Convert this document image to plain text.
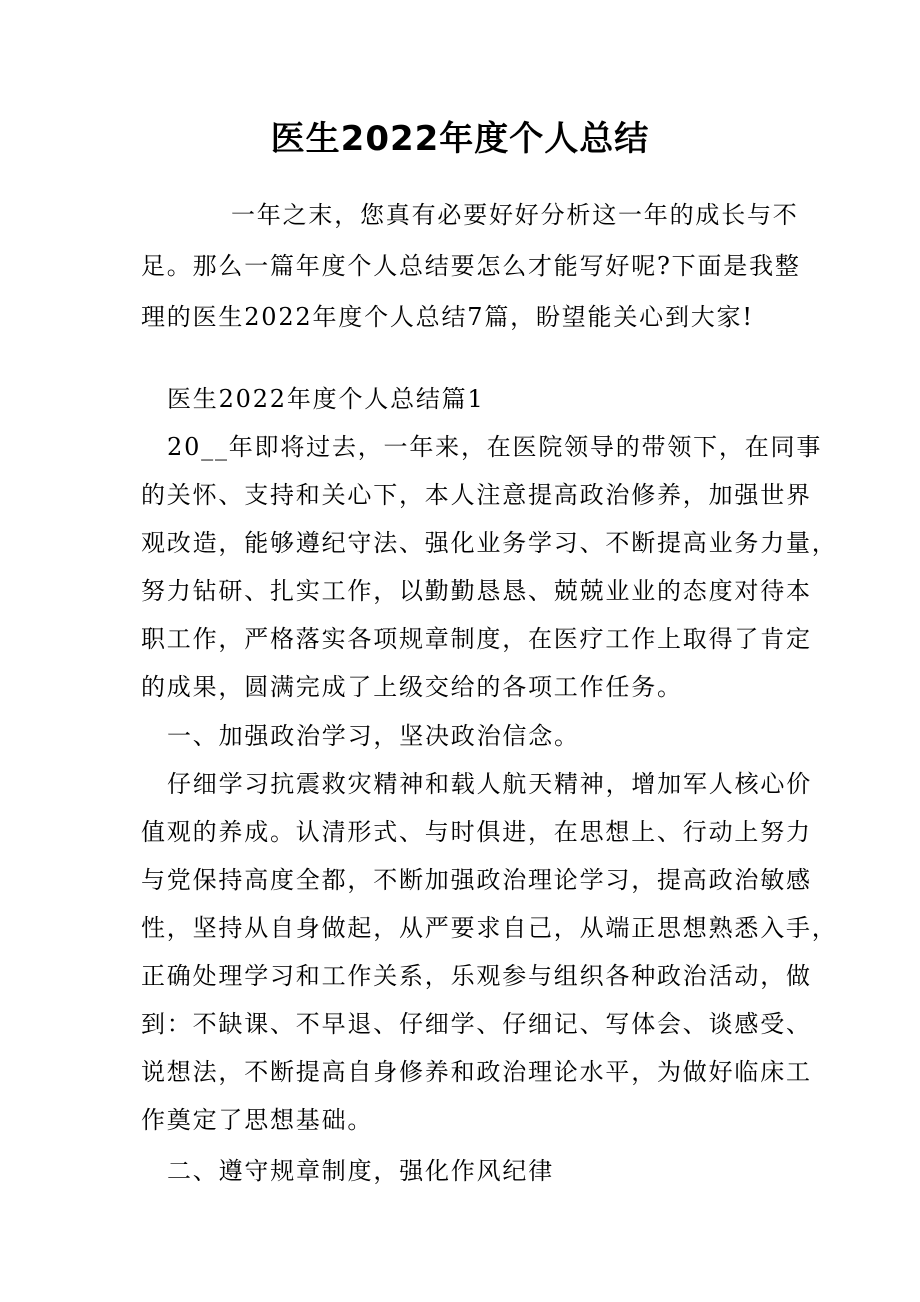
医生2022年度个人总结
一年之末，您真有必要好好分析这一年的成长与不
足。那么一篇年度个人总结要怎么才能写好呢?下面是我整
理的医生2022年度个人总结7篇，盼望能关心到大家!
医生2022年度个人总结篇1
20__年即将过去，一年来，在医院领导的带领下，在同事
的关怀、支持和关心下，本人注意提高政治修养，加强世界
观改造，能够遵纪守法、强化业务学习、不断提高业务力量，
努力钻研、扎实工作，以勤勤恳恳、兢兢业业的态度对待本
职工作，严格落实各项规章制度，在医疗工作上取得了肯定
的成果，圆满完成了上级交给的各项工作任务。
一、加强政治学习，坚决政治信念。
仔细学习抗震救灾精神和载人航天精神，增加军人核心价
值观的养成。认清形式、与时俱进，在思想上、行动上努力
与党保持高度全都，不断加强政治理论学习，提高政治敏感
性，坚持从自身做起，从严要求自己，从端正思想熟悉入手，
正确处理学习和工作关系，乐观参与组织各种政治活动，做
到：不缺课、不早退、仔细学、仔细记、写体会、谈感受、
说想法，不断提高自身修养和政治理论水平，为做好临床工
作奠定了思想基础。
二、遵守规章制度，强化作风纪律
